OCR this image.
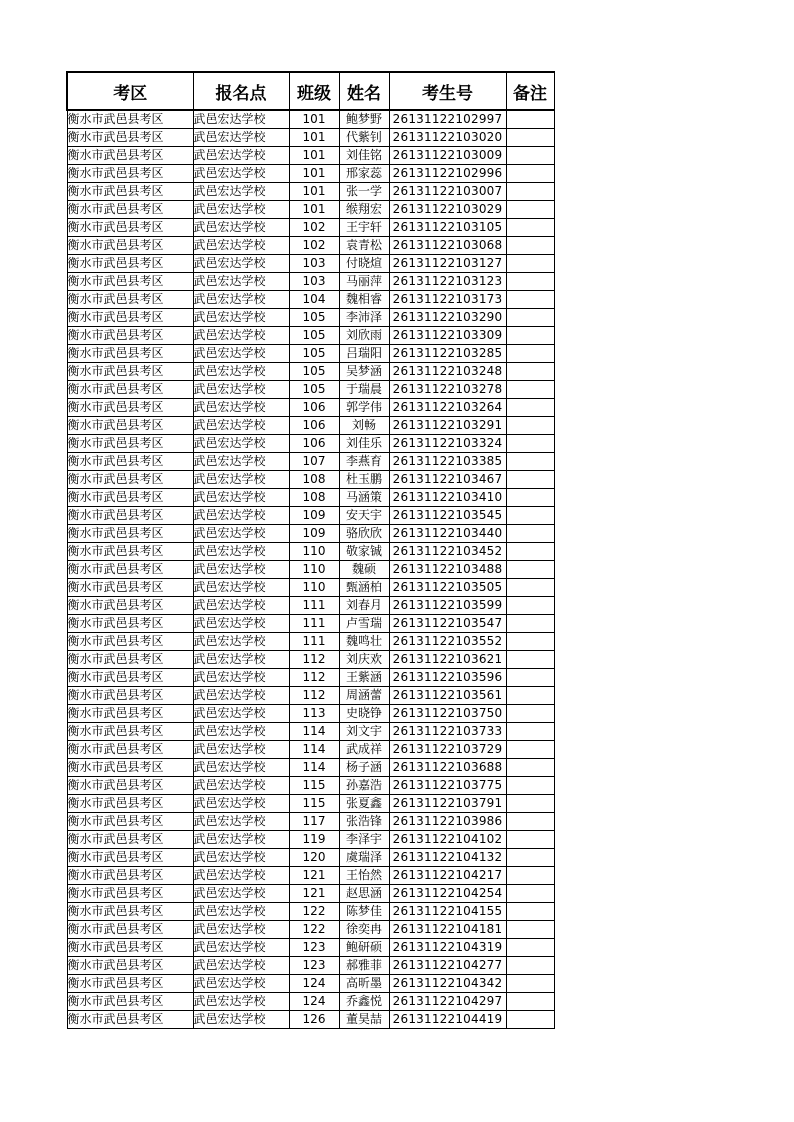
考区	报名点	班级	姓名	考生号	备注
衡水市武邑县考区	武邑宏达学校	101	鲍梦野	26131122102997	
衡水市武邑县考区	武邑宏达学校	101	代紫钊	26131122103020	
衡水市武邑县考区	武邑宏达学校	101	刘佳铭	26131122103009	
衡水市武邑县考区	武邑宏达学校	101	邢家蕊	26131122102996	
衡水市武邑县考区	武邑宏达学校	101	张一学	26131122103007	
衡水市武邑县考区	武邑宏达学校	101	缑翔宏	26131122103029	
衡水市武邑县考区	武邑宏达学校	102	王宇轩	26131122103105	
衡水市武邑县考区	武邑宏达学校	102	袁青松	26131122103068	
衡水市武邑县考区	武邑宏达学校	103	付晓煊	26131122103127	
衡水市武邑县考区	武邑宏达学校	103	马丽萍	26131122103123	
衡水市武邑县考区	武邑宏达学校	104	魏相睿	26131122103173	
衡水市武邑县考区	武邑宏达学校	105	李沛泽	26131122103290	
衡水市武邑县考区	武邑宏达学校	105	刘欣雨	26131122103309	
衡水市武邑县考区	武邑宏达学校	105	吕瑞阳	26131122103285	
衡水市武邑县考区	武邑宏达学校	105	吴梦涵	26131122103248	
衡水市武邑县考区	武邑宏达学校	105	于瑞晨	26131122103278	
衡水市武邑县考区	武邑宏达学校	106	郭学伟	26131122103264	
衡水市武邑县考区	武邑宏达学校	106	刘畅	26131122103291	
衡水市武邑县考区	武邑宏达学校	106	刘佳乐	26131122103324	
衡水市武邑县考区	武邑宏达学校	107	李燕育	26131122103385	
衡水市武邑县考区	武邑宏达学校	108	杜玉鹏	26131122103467	
衡水市武邑县考区	武邑宏达学校	108	马涵策	26131122103410	
衡水市武邑县考区	武邑宏达学校	109	安天宇	26131122103545	
衡水市武邑县考区	武邑宏达学校	109	骆欣欣	26131122103440	
衡水市武邑县考区	武邑宏达学校	110	敬家铖	26131122103452	
衡水市武邑县考区	武邑宏达学校	110	魏硕	26131122103488	
衡水市武邑县考区	武邑宏达学校	110	甄涵柏	26131122103505	
衡水市武邑县考区	武邑宏达学校	111	刘春月	26131122103599	
衡水市武邑县考区	武邑宏达学校	111	卢雪瑞	26131122103547	
衡水市武邑县考区	武邑宏达学校	111	魏鸣壮	26131122103552	
衡水市武邑县考区	武邑宏达学校	112	刘庆欢	26131122103621	
衡水市武邑县考区	武邑宏达学校	112	王紫涵	26131122103596	
衡水市武邑县考区	武邑宏达学校	112	周涵蕾	26131122103561	
衡水市武邑县考区	武邑宏达学校	113	史晓铮	26131122103750	
衡水市武邑县考区	武邑宏达学校	114	刘文宇	26131122103733	
衡水市武邑县考区	武邑宏达学校	114	武成祥	26131122103729	
衡水市武邑县考区	武邑宏达学校	114	杨子涵	26131122103688	
衡水市武邑县考区	武邑宏达学校	115	孙嘉浩	26131122103775	
衡水市武邑县考区	武邑宏达学校	115	张夏鑫	26131122103791	
衡水市武邑县考区	武邑宏达学校	117	张浩锋	26131122103986	
衡水市武邑县考区	武邑宏达学校	119	李泽宇	26131122104102	
衡水市武邑县考区	武邑宏达学校	120	虞瑞泽	26131122104132	
衡水市武邑县考区	武邑宏达学校	121	王怡然	26131122104217	
衡水市武邑县考区	武邑宏达学校	121	赵思涵	26131122104254	
衡水市武邑县考区	武邑宏达学校	122	陈梦佳	26131122104155	
衡水市武邑县考区	武邑宏达学校	122	徐奕冉	26131122104181	
衡水市武邑县考区	武邑宏达学校	123	鲍研硕	26131122104319	
衡水市武邑县考区	武邑宏达学校	123	郝雅菲	26131122104277	
衡水市武邑县考区	武邑宏达学校	124	高昕墨	26131122104342	
衡水市武邑县考区	武邑宏达学校	124	乔鑫悦	26131122104297	
衡水市武邑县考区	武邑宏达学校	126	董昊喆	26131122104419	
